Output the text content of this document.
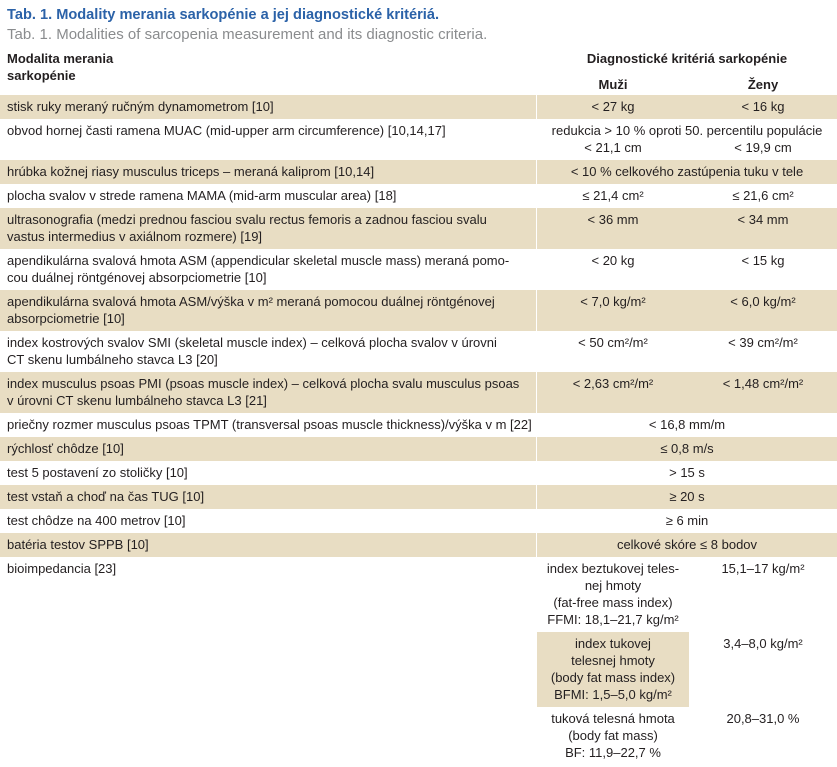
Tab. 1. Modality merania sarkopénie a jej diagnostické kritériá.
Tab. 1. Modalities of sarcopenia measurement and its diagnostic criteria.
Modalita merania
sarkopénie	Diagnostické kritériá sarkopénie	
	Muži	Ženy

stisk ruky meraný ručným dynamometrom [10]	< 27 kg	< 16 kg

obvod hornej časti ramena MUAC (mid-upper arm circumference) [10,14,17]	redukcia > 10 % oproti 50. percentilu populácie	
	< 21,1 cm	< 19,9 cm

hrúbka kožnej riasy musculus triceps – meraná kaliprom [10,14]	< 10 % celkového zastúpenia tuku v tele	

plocha svalov v strede ramena MAMA (mid-arm muscular area) [18]	≤ 21,4 cm²	≤ 21,6 cm²

ultrasonografia (medzi prednou fasciou svalu rectus femoris a zadnou fasciou svalu
vastus intermedius v axiálnom rozmere) [19]	< 36 mm	< 34 mm

apendikulárna svalová hmota ASM (appendicular skeletal muscle mass) meraná pomo-
cou duálnej röntgénovej absorpciometrie [10]	< 20 kg	< 15 kg

apendikulárna svalová hmota ASM/výška v m² meraná pomocou duálnej röntgénovej
absorpciometrie [10]	< 7,0 kg/m²	< 6,0 kg/m²

index kostrových svalov SMI (skeletal muscle index) – celková plocha svalov v úrovni
CT skenu lumbálneho stavca L3 [20]	< 50 cm²/m²	< 39 cm²/m²

index musculus psoas PMI (psoas muscle index) – celková plocha svalu musculus psoas
v úrovni CT skenu lumbálneho stavca L3 [21]	< 2,63 cm²/m²	< 1,48 cm²/m²

priečny rozmer musculus psoas TPMT (transversal psoas muscle thickness)/výška v m [22]	< 16,8 mm/m	

rýchlosť chôdze [10]	≤ 0,8 m/s	

test 5 postavení zo stoličky [10]	> 15 s	

test vstaň a choď na čas TUG [10]	≥ 20 s	

test chôdze na 400 metrov [10]	≥ 6 min	

batéria testov SPPB [10]	celkové skóre ≤ 8 bodov	

bioimpedancia [23]	index beztukovej teles-
nej hmoty
(fat-free mass index)
FFMI: 18,1–21,7 kg/m²	15,1–17 kg/m²

	index tukovej
telesnej hmoty
(body fat mass index)
BFMI: 1,5–5,0 kg/m²	3,4–8,0 kg/m²

	tuková telesná hmota
(body fat mass)
BF: 11,9–22,7 %	20,8–31,0 %
